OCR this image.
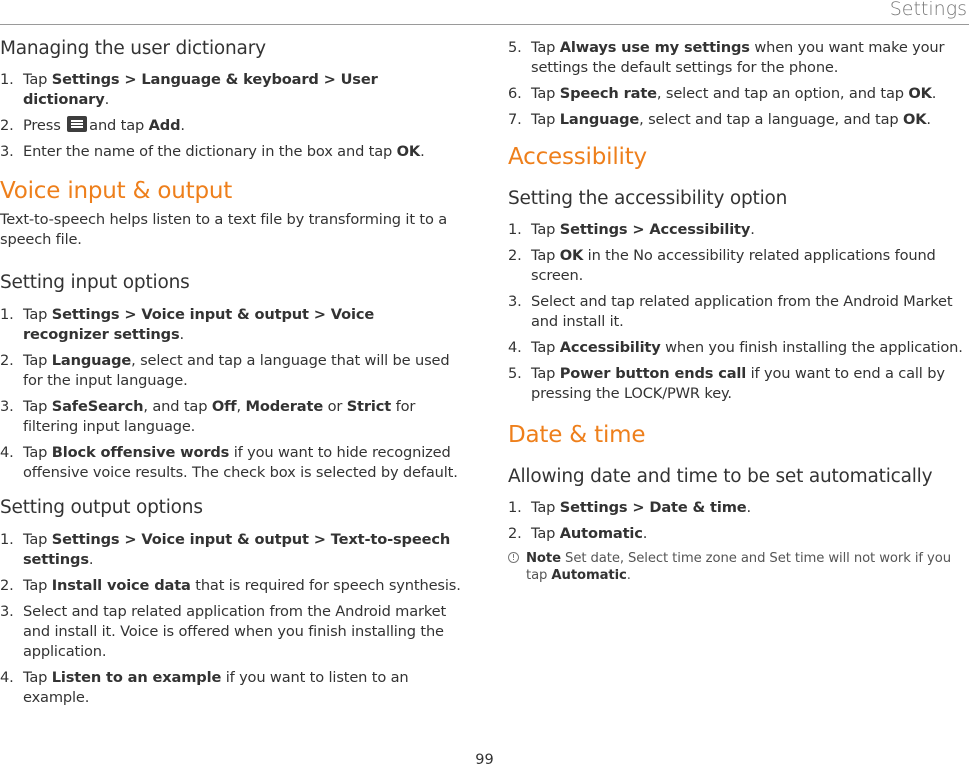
Settings
Managing the user dictionary
1. Tap Settings > Language & keyboard > User dictionary.
2. Press
and tap Add.
3. Enter the name of the dictionary in the box and tap OK.
Voice input & output

Text-to-speech helps listen to a text file by transforming it to a speech file.

Setting input options
1. Tap Settings > Voice input & output > Voice recognizer settings.
2. Tap Language, select and tap a language that will be used for the input language.
3. Tap SafeSearch, and tap Off, Moderate or Strict for filtering input language.
4. Tap Block offensive words if you want to hide recognized offensive voice results. The check box is selected by default.
Setting output options
1. Tap Settings > Voice input & output > Text-to-speech settings.
2. Tap Install voice data that is required for speech synthesis.
3. Select and tap related application from the Android market and install it. Voice is offered when you finish installing the application.
4. Tap Listen to an example if you want to listen to an example.
5. Tap Always use my settings when you want make your settings the default settings for the phone.
6. Tap Speech rate, select and tap an option, and tap OK.
7. Tap Language, select and tap a language, and tap OK.
Accessibility
Setting the accessibility option
1. Tap Settings > Accessibility.
2. Tap OK in the No accessibility related applications found screen.
3. Select and tap related application from the Android Market and install it.
4. Tap Accessibility when you finish installing the application.
5. Tap Power button ends call if you want to end a call by pressing the LOCK/PWR key.
Date & time
Allowing date and time to be set automatically
1. Tap Settings > Date & time.
2. Tap Automatic.
! Note Set date, Select time zone and Set time will not work if you tap Automatic.
99
